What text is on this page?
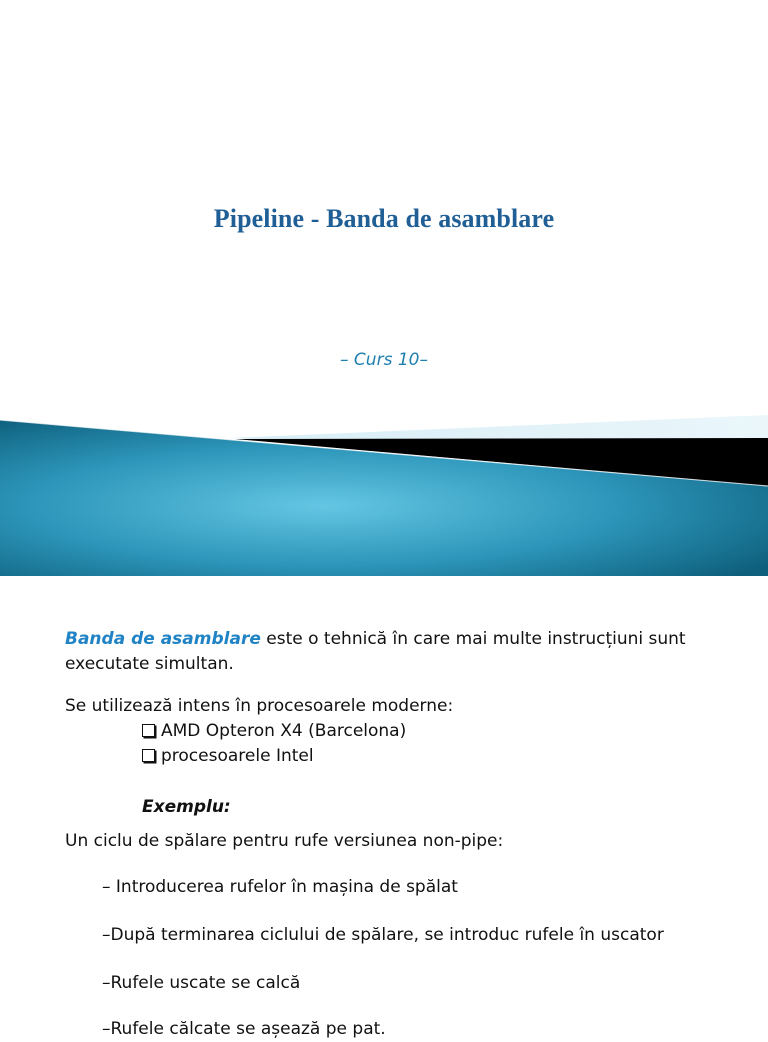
Pipeline - Banda de asamblare
– Curs 10–
Banda de asamblare este o tehnică în care mai multe instrucțiuni sunt executate simultan.
Se utilizează intens în procesoarele moderne:
AMD Opteron X4 (Barcelona)
procesoarele Intel
Exemplu:
Un ciclu de spălare pentru rufe versiunea non-pipe:
– Introducerea rufelor în mașina de spălat
–După terminarea ciclului de spălare, se introduc rufele în uscator
–Rufele uscate se calcă
–Rufele călcate se așează pe pat.
